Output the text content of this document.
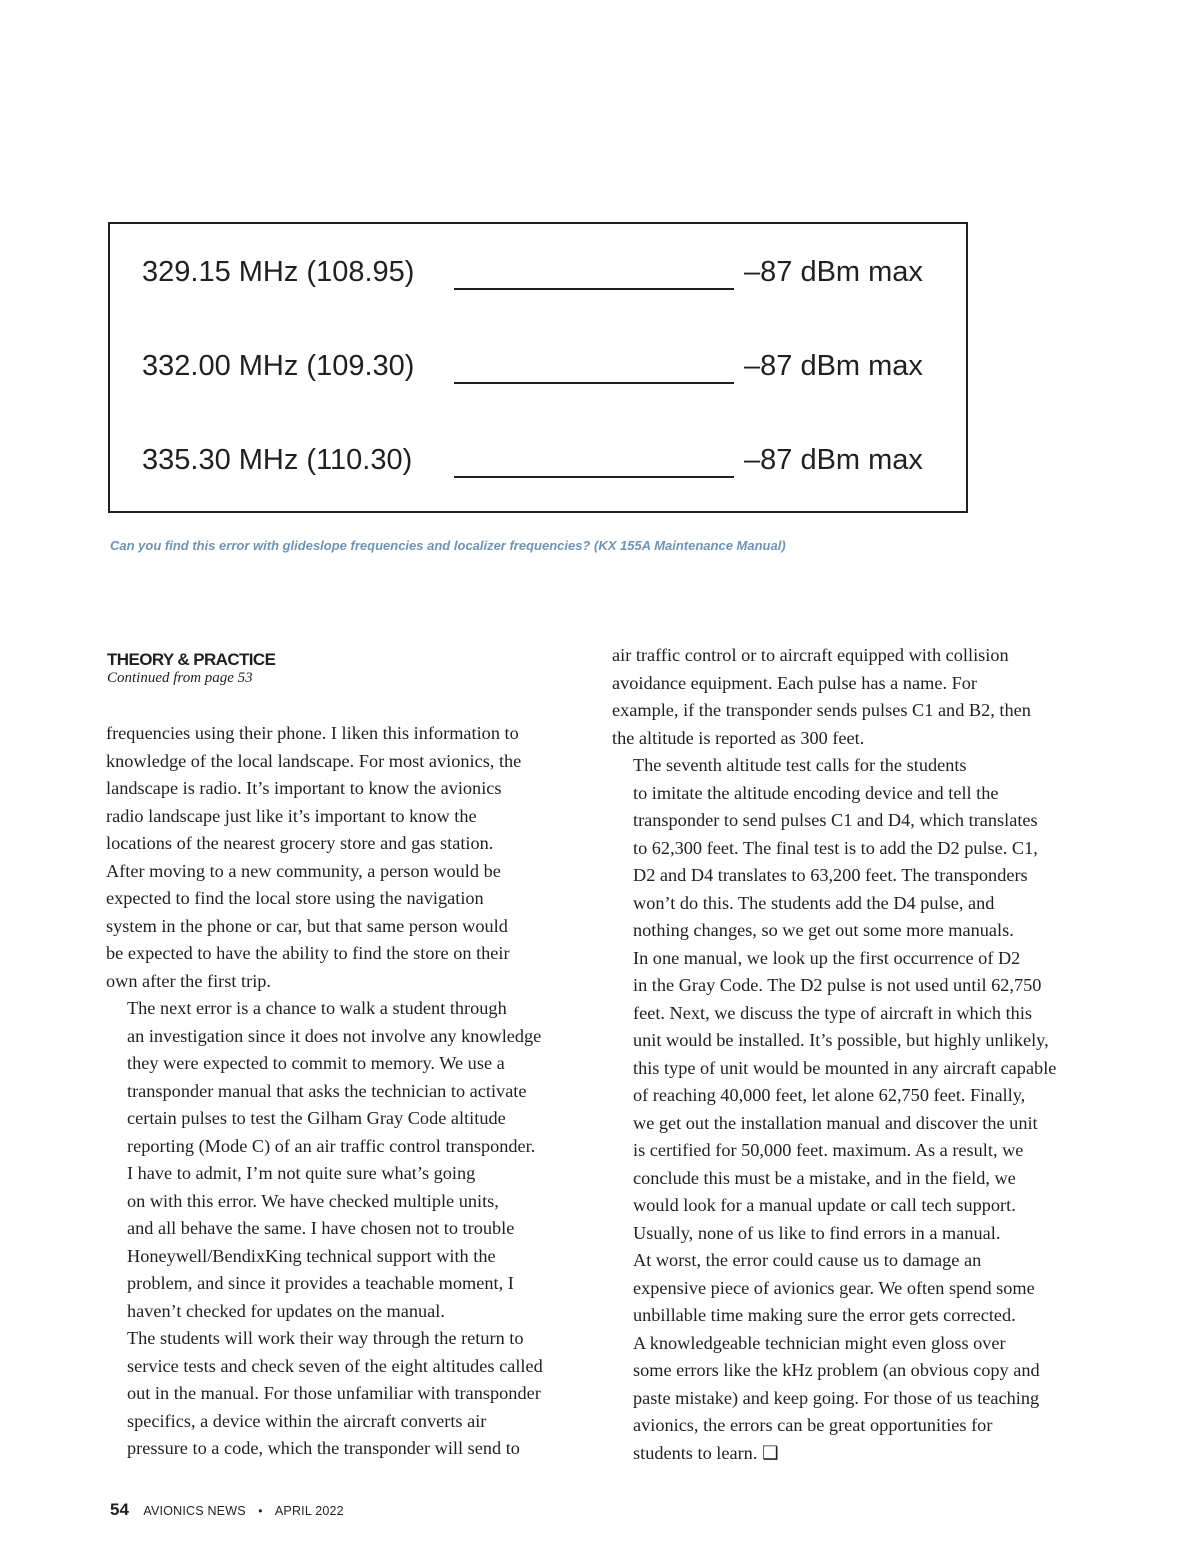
329.15 MHz (108.95)	–87 dBm max
332.00 MHz (109.30)	–87 dBm max
335.30 MHz (110.30)	–87 dBm max
Can you find this error with glideslope frequencies and localizer frequencies? (KX 155A Maintenance Manual)
THEORY & PRACTICE
Continued from page 53

frequencies using their phone. I liken this information to
knowledge of the local landscape. For most avionics, the
landscape is radio. It’s important to know the avionics
radio landscape just like it’s important to know the
locations of the nearest grocery store and gas station.
After moving to a new community, a person would be
expected to find the local store using the navigation
system in the phone or car, but that same person would
be expected to have the ability to find the store on their
own after the first trip.

The next error is a chance to walk a student through
an investigation since it does not involve any knowledge
they were expected to commit to memory. We use a
transponder manual that asks the technician to activate
certain pulses to test the Gilham Gray Code altitude
reporting (Mode C) of an air traffic control transponder.

I have to admit, I’m not quite sure what’s going
on with this error. We have checked multiple units,
and all behave the same. I have chosen not to trouble
Honeywell/BendixKing technical support with the
problem, and since it provides a teachable moment, I
haven’t checked for updates on the manual.

The students will work their way through the return to
service tests and check seven of the eight altitudes called
out in the manual. For those unfamiliar with transponder
specifics, a device within the aircraft converts air
pressure to a code, which the transponder will send to

air traffic control or to aircraft equipped with collision
avoidance equipment. Each pulse has a name. For
example, if the transponder sends pulses C1 and B2, then
the altitude is reported as 300 feet.

The seventh altitude test calls for the students
to imitate the altitude encoding device and tell the
transponder to send pulses C1 and D4, which translates
to 62,300 feet. The final test is to add the D2 pulse. C1,
D2 and D4 translates to 63,200 feet. The transponders
won’t do this. The students add the D4 pulse, and
nothing changes, so we get out some more manuals.

In one manual, we look up the first occurrence of D2
in the Gray Code. The D2 pulse is not used until 62,750
feet. Next, we discuss the type of aircraft in which this
unit would be installed. It’s possible, but highly unlikely,
this type of unit would be mounted in any aircraft capable
of reaching 40,000 feet, let alone 62,750 feet. Finally,
we get out the installation manual and discover the unit
is certified for 50,000 feet. maximum. As a result, we
conclude this must be a mistake, and in the field, we
would look for a manual update or call tech support.

Usually, none of us like to find errors in a manual.
At worst, the error could cause us to damage an
expensive piece of avionics gear. We often spend some
unbillable time making sure the error gets corrected.
A knowledgeable technician might even gloss over
some errors like the kHz problem (an obvious copy and
paste mistake) and keep going. For those of us teaching
avionics, the errors can be great opportunities for
students to learn. ❑

54 AVIONICS NEWS • APRIL 2022
